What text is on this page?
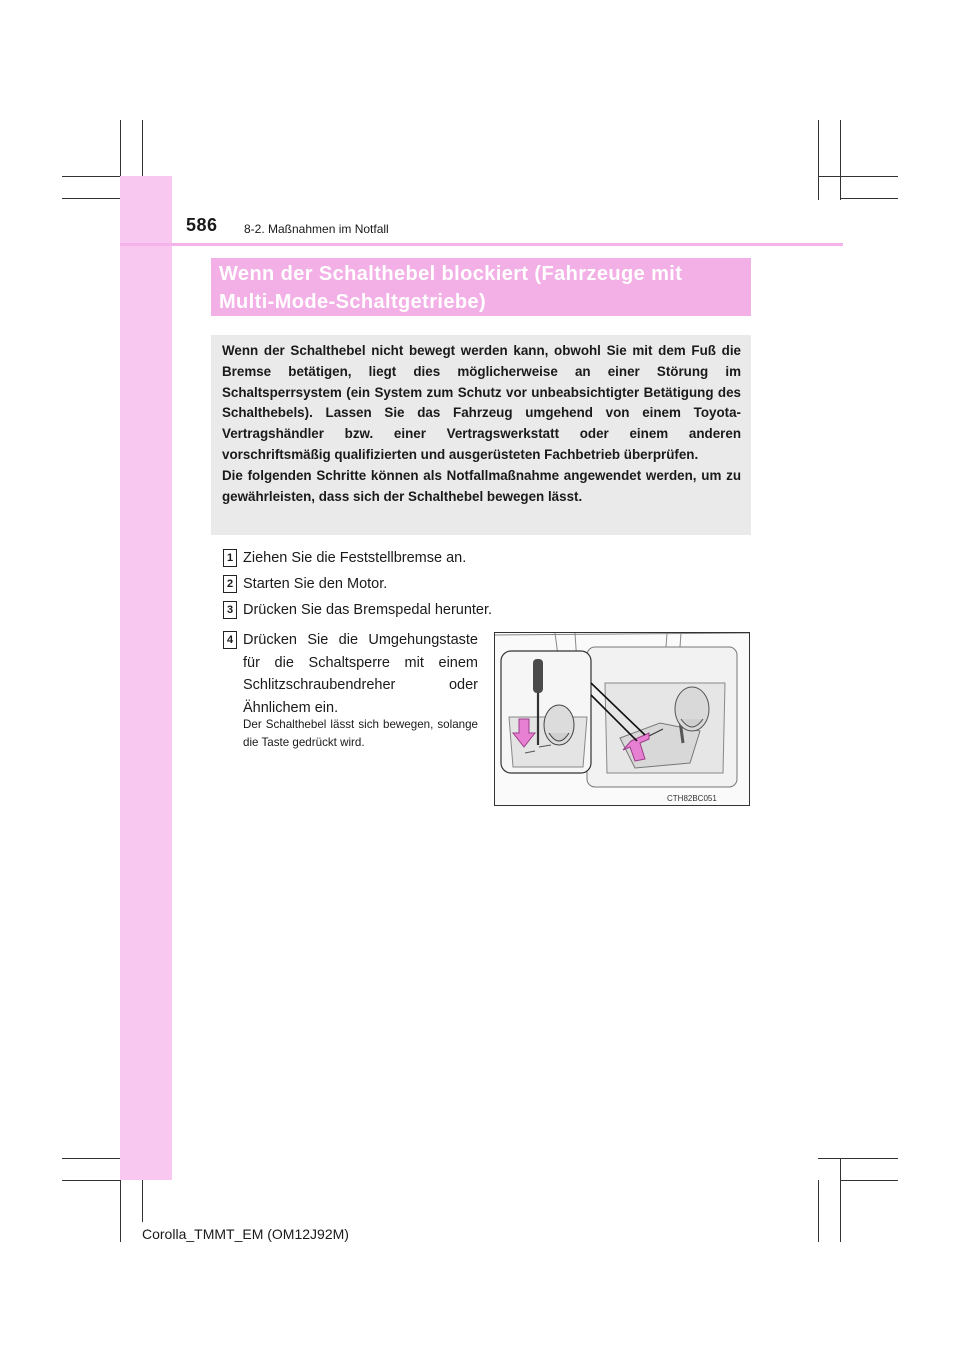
586 8-2. Maßnahmen im Notfall
Wenn der Schalthebel blockiert (Fahrzeuge mit
Multi-Mode-Schaltgetriebe)

Wenn der Schalthebel nicht bewegt werden kann, obwohl Sie mit dem Fuß die Bremse betätigen, liegt dies möglicherweise an einer Störung im Schaltsperrsystem (ein System zum Schutz vor unbeabsichtigter Betätigung des Schalthebels). Lassen Sie das Fahrzeug umgehend von einem Toyota-Vertragshändler bzw. einer Vertragswerkstatt oder einem anderen vorschriftsmäßig qualifizierten und ausgerüsteten Fachbetrieb überprüfen.

Die folgenden Schritte können als Notfallmaßnahme angewendet werden, um zu gewährleisten, dass sich der Schalthebel bewegen lässt.

1 Ziehen Sie die Feststellbremse an.
2 Starten Sie den Motor.
3 Drücken Sie das Bremspedal herunter.
4 Drücken Sie die Umgehungstaste für die Schaltsperre mit einem Schlitzschraubendreher oder Ähnlichem ein.
Der Schalthebel lässt sich bewegen, solange die Taste gedrückt wird.
CTH82BC051
Corolla_TMMT_EM (OM12J92M)
